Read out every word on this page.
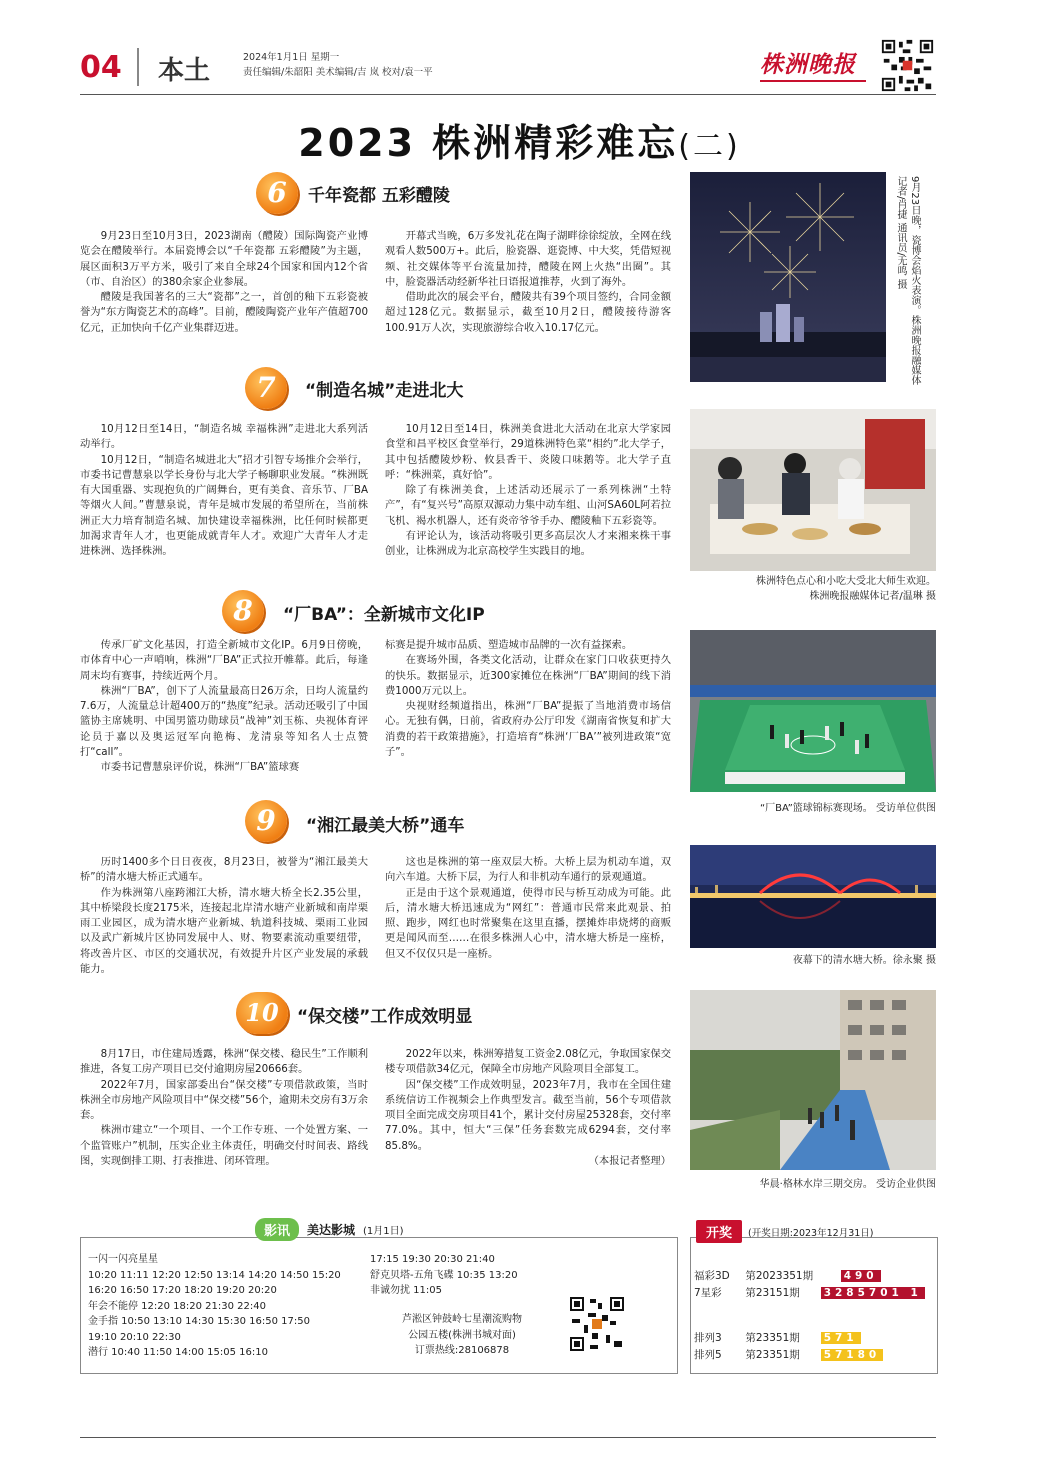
04 本土	2024年1月1日 星期一
责任编辑/朱韶阳 美术编辑/吉 岚 校对/袁一平	株洲晚报
2023 株洲精彩难忘(二)
6	千年瓷都 五彩醴陵

9月23日至10月3日，2023湖南（醴陵）国际陶瓷产业博览会在醴陵举行。本届瓷博会以“千年瓷都 五彩醴陵”为主题，展区面积3万平方米，吸引了来自全球24个国家和国内12个省（市、自治区）的380余家企业参展。

醴陵是我国著名的三大“瓷都”之一，首创的釉下五彩瓷被誉为“东方陶瓷艺术的高峰”。目前，醴陵陶瓷产业年产值超700亿元，正加快向千亿产业集群迈进。

开幕式当晚，6万多发礼花在陶子湖畔徐徐绽放，全网在线观看人数500万+。此后，脸瓷器、逛瓷博、中大奖，凭借短视频、社交媒体等平台流量加持，醴陵在网上火热“出圈”。其中，脸瓷器活动经新华社日语报道推荐，火到了海外。

借助此次的展会平台，醴陵共有39个项目签约，合同金额超过128亿元。数据显示，截至10月2日，醴陵接待游客100.91万人次，实现旅游综合收入10.17亿元。	9月23日晚，瓷博会焰火表演。株洲晚报融媒体记者/肖捷 通讯员/无鸣 摄
7	“制造名城”走进北大

10月12日至14日，“制造名城 幸福株洲”走进北大系列活动举行。

10月12日，“制造名城进北大”招才引智专场推介会举行，市委书记曹慧泉以学长身份与北大学子畅聊职业发展。“株洲既有大国重器、实现抱负的广阔舞台，更有美食、音乐节、厂BA等烟火人间。”曹慧泉说，青年是城市发展的希望所在，当前株洲正大力培育制造名城、加快建设幸福株洲，比任何时候都更加渴求青年人才，也更能成就青年人才。欢迎广大青年人才走进株洲、选择株洲。

10月12日至14日，株洲美食进北大活动在北京大学家园食堂和昌平校区食堂举行，29道株洲特色菜“相约”北大学子，其中包括醴陵炒粉、攸县香干、炎陵口味鹅等。北大学子直呼：“株洲菜，真好恰”。

除了有株洲美食，上述活动还展示了一系列株洲“土特产”，有“复兴号”高原双源动力集中动车组、山河SA60L阿若拉飞机、褐水机器人，还有炎帝爷爷手办、醴陵釉下五彩瓷等。

有评论认为，该活动将吸引更多高层次人才来湘来株干事创业，让株洲成为北京高校学生实践目的地。

株洲特色点心和小吃大受北大师生欢迎。
株洲晚报融媒体记者/温琳 摄
8	“厂BA”：全新城市文化IP

传承厂矿文化基因，打造全新城市文化IP。6月9日傍晚，市体育中心一声哨响，株洲“厂BA”正式拉开帷幕。此后，每逢周末均有赛事，持续近两个月。

株洲“厂BA”，创下了人流量最高日26万余，日均人流量约7.6万，人流量总计超400万的“热度”纪录。活动还吸引了中国篮协主席姚明、中国男篮功勋球员“战神”刘玉栋、央视体育评论员于嘉以及奥运冠军向艳梅、龙清泉等知名人士点赞打“call”。

市委书记曹慧泉评价说，株洲“厂BA”篮球赛

标赛是提升城市品质、塑造城市品牌的一次有益探索。

在赛场外围，各类文化活动，让群众在家门口收获更持久的快乐。数据显示，近300家摊位在株洲“厂BA”期间的线下消费1000万元以上。

央视财经频道指出，株洲“厂BA”提振了当地消费市场信心。无独有偶，日前，省政府办公厅印发《湖南省恢复和扩大消费的若干政策措施》，打造培育“株洲‘厂BA’”被列进政策“宽子”。

“厂BA”篮球锦标赛现场。 受访单位供图
9	“湘江最美大桥”通车

历时1400多个日日夜夜，8月23日，被誉为“湘江最美大桥”的清水塘大桥正式通车。

作为株洲第八座跨湘江大桥，清水塘大桥全长2.35公里，其中桥梁段长度2175米，连接起北岸清水塘产业新城和南岸栗雨工业园区，成为清水塘产业新城、轨道科技城、栗雨工业园以及武广新城片区协同发展中人、财、物要素流动重要纽带，将改善片区、市区的交通状况，有效提升片区产业发展的承载能力。

这也是株洲的第一座双层大桥。大桥上层为机动车道，双向六车道。大桥下层，为行人和非机动车通行的景观通道。

正是由于这个景观通道，使得市民与桥互动成为可能。此后，清水塘大桥迅速成为“网红”：普通市民常来此观景、拍照、跑步，网红也时常聚集在这里直播，摆摊炸串烧烤的商贩更是闻风而至……在很多株洲人心中，清水塘大桥是一座桥，但又不仅仅只是一座桥。

夜幕下的清水塘大桥。徐永聚 摄
10	“保交楼”工作成效明显

8月17日，市住建局透露，株洲“保交楼、稳民生”工作顺利推进，各复工房产项目已交付逾期房屋20666套。

2022年7月，国家部委出台“保交楼”专项借款政策，当时株洲全市房地产风险项目中“保交楼”56个，逾期未交房有3万余套。

株洲市建立“一个项目、一个工作专班、一个处置方案、一个监管账户”机制，压实企业主体责任，明确交付时间表、路线图，实现倒排工期、打表推进、闭环管理。

2022年以来，株洲筹措复工资金2.08亿元，争取国家保交楼专项借款34亿元，保障全市房地产风险项目全部复工。

因“保交楼”工作成效明显，2023年7月，我市在全国住建系统信访工作视频会上作典型发言。截至当前，56个专项借款项目全面完成交房项目41个，累计交付房屋25328套，交付率77.0%。其中，恒大“三保”任务套数完成6294套，交付率85.8%。

（本报记者整理）
华晨·格林水岸三期交房。 受访企业供图
影讯	美达影城 (1月1日)
一闪一闪亮星星
10:20 11:11 12:20 12:50 13:14 14:20 14:50 15:20
16:20 16:50 17:20 18:20 19:20 20:20
年会不能停 12:20 18:20 21:30 22:40
金手指 10:50 13:10 14:30 15:30 16:50 17:50
19:10 20:10 22:30
潜行 10:40 11:50 14:00 15:05 16:10
17:15 19:30 20:30 21:40
舒克贝塔-五角飞碟 10:35 13:20
非诚勿扰 11:05
芦淞区钟鼓岭七星潮流购物
公园五楼(株洲书城对面)
订票热线:28106878
开奖	(开奖日期:2023年12月31日)
福彩3D 第2023351期	490
7星彩 第23151期 3285701 1
排列3 第23351期 571
排列5 第23351期 57180
